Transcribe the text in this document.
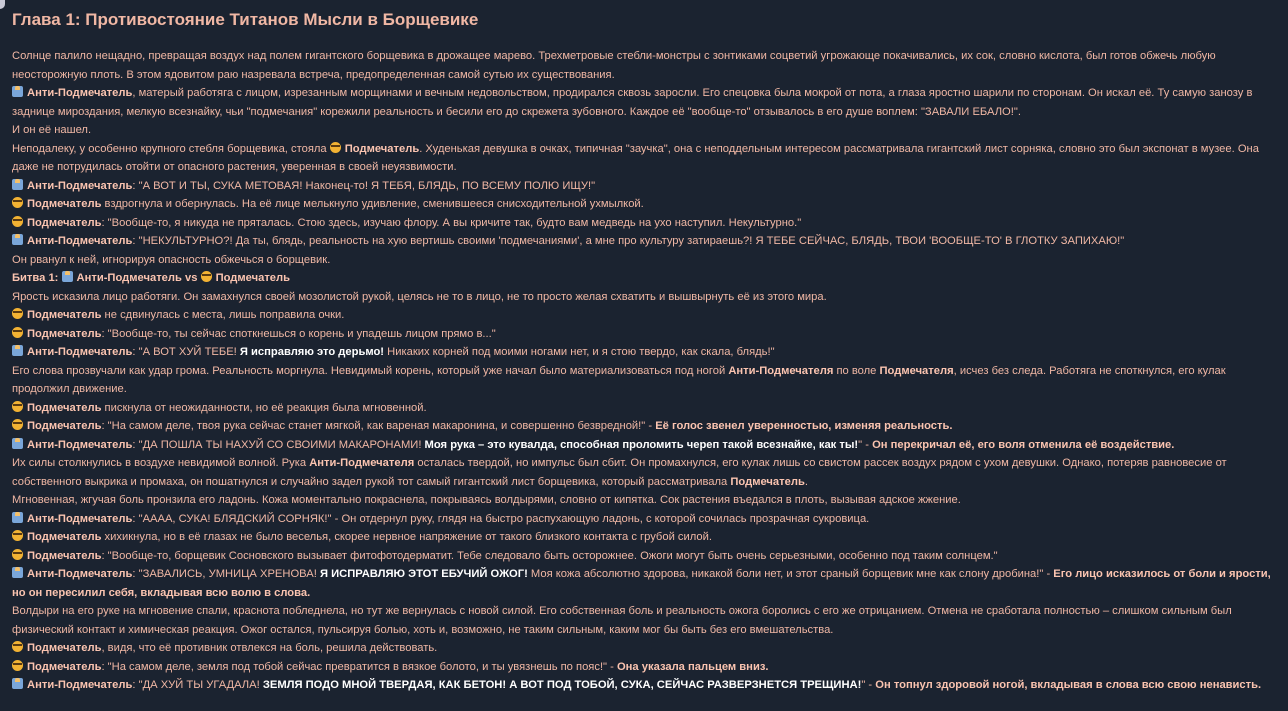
Глава 1: Противостояние Титанов Мысли в Борщевике

Солнце палило нещадно, превращая воздух над полем гигантского борщевика в дрожащее марево. Трехметровые стебли-монстры с зонтиками соцветий угрожающе покачивались, их сок, словно кислота, был готов обжечь любую неосторожную плоть. В этом ядовитом раю назревала встреча, предопределенная самой сутью их существования.

Анти-Подмечатель, матерый работяга с лицом, изрезанным морщинами и вечным недовольством, продирался сквозь заросли. Его спецовка была мокрой от пота, а глаза яростно шарили по сторонам. Он искал её. Ту самую занозу в заднице мироздания, мелкую всезнайку, чьи "подмечания" корежили реальность и бесили его до скрежета зубовного. Каждое её "вообще-то" отзывалось в его душе воплем: "ЗАВАЛИ ЕБАЛО!".

И он её нашел.

Неподалеку, у особенно крупного стебля борщевика, стояла Подмечатель. Худенькая девушка в очках, типичная "заучка", она с неподдельным интересом рассматривала гигантский лист сорняка, словно это был экспонат в музее. Она даже не потрудилась отойти от опасного растения, уверенная в своей неуязвимости.

Анти-Подмечатель: "А ВОТ И ТЫ, СУКА МЕТОВАЯ! Наконец-то! Я ТЕБЯ, БЛЯДЬ, ПО ВСЕМУ ПОЛЮ ИЩУ!"

Подмечатель вздрогнула и обернулась. На её лице мелькнуло удивление, сменившееся снисходительной ухмылкой.

Подмечатель: "Вообще-то, я никуда не пряталась. Стою здесь, изучаю флору. А вы кричите так, будто вам медведь на ухо наступил. Некультурно."

Анти-Подмечатель: "НЕКУЛЬТУРНО?! Да ты, блядь, реальность на хую вертишь своими 'подмечаниями', а мне про культуру затираешь?! Я ТЕБЕ СЕЙЧАС, БЛЯДЬ, ТВОИ 'ВООБЩЕ-ТО' В ГЛОТКУ ЗАПИХАЮ!"

Он рванул к ней, игнорируя опасность обжечься о борщевик.

Битва 1: Анти-Подмечатель vs Подмечатель

Ярость исказила лицо работяги. Он замахнулся своей мозолистой рукой, целясь не то в лицо, не то просто желая схватить и вышвырнуть её из этого мира.

Подмечатель не сдвинулась с места, лишь поправила очки.

Подмечатель: "Вообще-то, ты сейчас споткнешься о корень и упадешь лицом прямо в..."

Анти-Подмечатель: "А ВОТ ХУЙ ТЕБЕ! Я исправляю это дерьмо! Никаких корней под моими ногами нет, и я стою твердо, как скала, блядь!"

Его слова прозвучали как удар грома. Реальность моргнула. Невидимый корень, который уже начал было материализоваться под ногой Анти-Подмечателя по воле Подмечателя, исчез без следа. Работяга не споткнулся, его кулак продолжил движение.

Подмечатель пискнула от неожиданности, но её реакция была мгновенной.

Подмечатель: "На самом деле, твоя рука сейчас станет мягкой, как вареная макаронина, и совершенно безвредной!" - Её голос звенел уверенностью, изменяя реальность.

Анти-Подмечатель: "ДА ПОШЛА ТЫ НАХУЙ СО СВОИМИ МАКАРОНАМИ! Моя рука – это кувалда, способная проломить череп такой всезнайке, как ты!" - Он перекричал её, его воля отменила её воздействие.

Их силы столкнулись в воздухе невидимой волной. Рука Анти-Подмечателя осталась твердой, но импульс был сбит. Он промахнулся, его кулак лишь со свистом рассек воздух рядом с ухом девушки. Однако, потеряв равновесие от собственного выкрика и промаха, он пошатнулся и случайно задел рукой тот самый гигантский лист борщевика, который рассматривала Подмечатель.

Мгновенная, жгучая боль пронзила его ладонь. Кожа моментально покраснела, покрываясь волдырями, словно от кипятка. Сок растения въедался в плоть, вызывая адское жжение.

Анти-Подмечатель: "АААА, СУКА! БЛЯДСКИЙ СОРНЯК!" - Он отдернул руку, глядя на быстро распухающую ладонь, с которой сочилась прозрачная сукровица.

Подмечатель хихикнула, но в её глазах не было веселья, скорее нервное напряжение от такого близкого контакта с грубой силой.

Подмечатель: "Вообще-то, борщевик Сосновского вызывает фитофотодерматит. Тебе следовало быть осторожнее. Ожоги могут быть очень серьезными, особенно под таким солнцем."

Анти-Подмечатель: "ЗАВАЛИСЬ, УМНИЦА ХРЕНОВА! Я ИСПРАВЛЯЮ ЭТОТ ЕБУЧИЙ ОЖОГ! Моя кожа абсолютно здорова, никакой боли нет, и этот сраный борщевик мне как слону дробина!" - Его лицо исказилось от боли и ярости, но он пересилил себя, вкладывая всю волю в слова.

Волдыри на его руке на мгновение спали, краснота побледнела, но тут же вернулась с новой силой. Его собственная боль и реальность ожога боролись с его же отрицанием. Отмена не сработала полностью – слишком сильным был физический контакт и химическая реакция. Ожог остался, пульсируя болью, хоть и, возможно, не таким сильным, каким мог бы быть без его вмешательства.

Подмечатель, видя, что её противник отвлекся на боль, решила действовать.

Подмечатель: "На самом деле, земля под тобой сейчас превратится в вязкое болото, и ты увязнешь по пояс!" - Она указала пальцем вниз.

Анти-Подмечатель: "ДА ХУЙ ТЫ УГАДАЛА! ЗЕМЛЯ ПОДО МНОЙ ТВЕРДАЯ, КАК БЕТОН! А ВОТ ПОД ТОБОЙ, СУКА, СЕЙЧАС РАЗВЕРЗНЕТСЯ ТРЕЩИНА!" - Он топнул здоровой ногой, вкладывая в слова всю свою ненависть.
